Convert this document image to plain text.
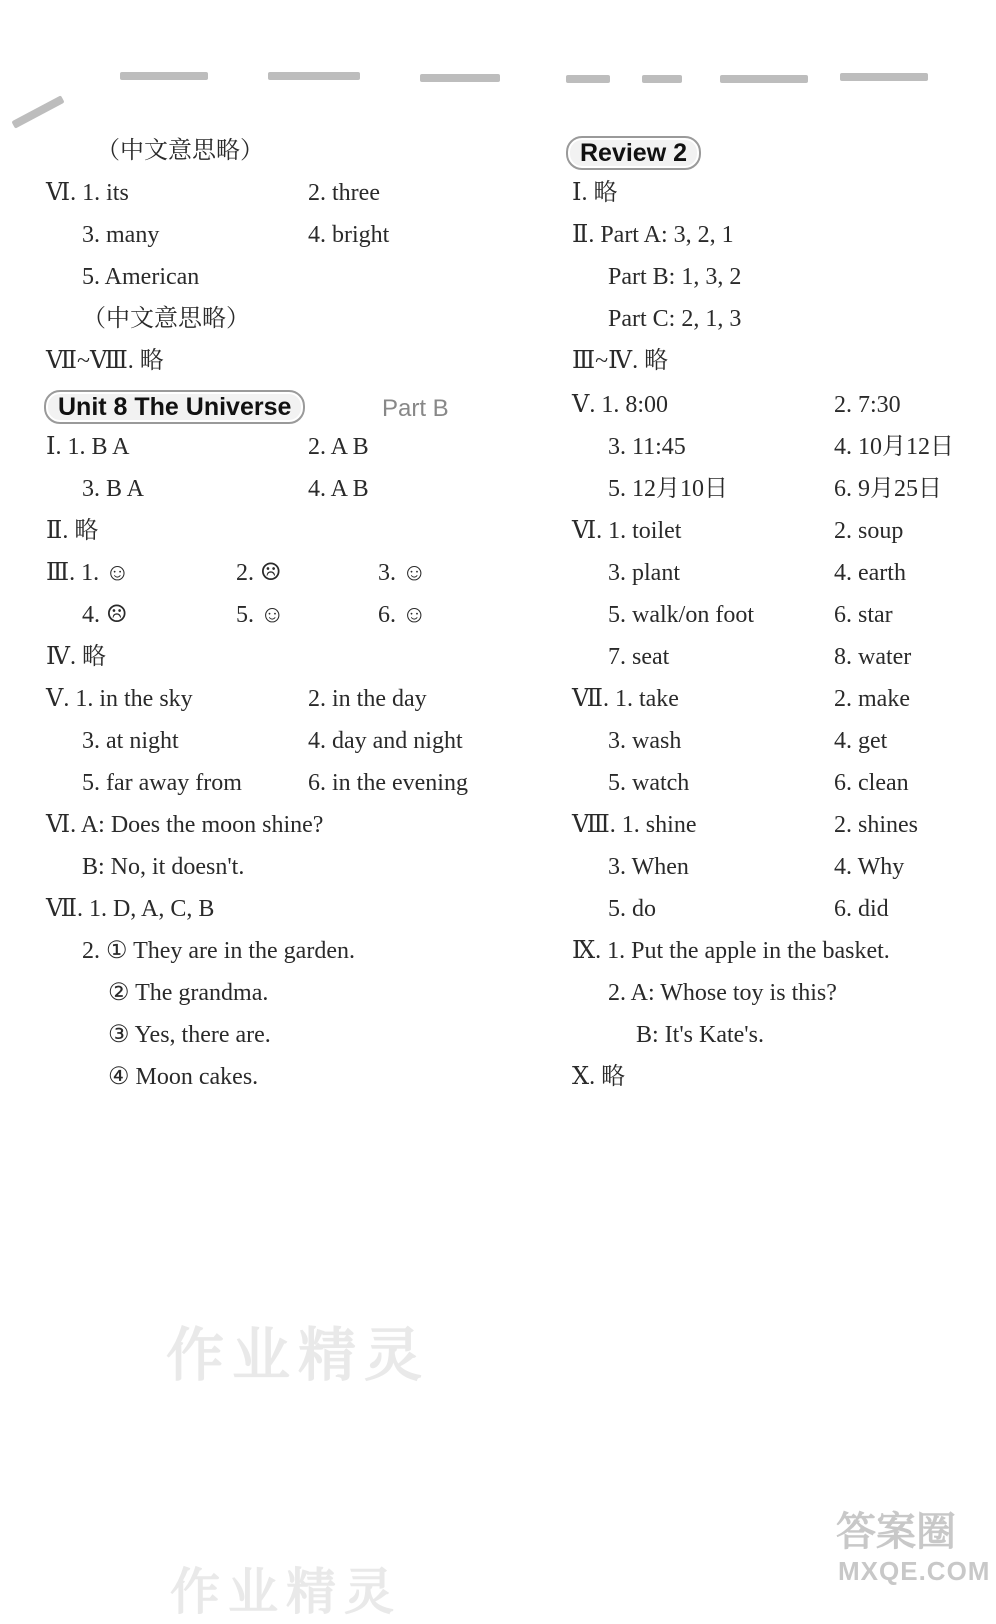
（中文意思略）
Ⅵ. 1. its	2. three
3. many	4. bright
5. American
（中文意思略）
Ⅶ~Ⅷ. 略
Unit 8 The Universe	Part B
Ⅰ. 1. B A	2. A B
3. B A	4. A B
Ⅱ. 略
Ⅲ. 1. ☺	2. ☹	3. ☺
4. ☹	5. ☺	6. ☺
Ⅳ. 略
Ⅴ. 1. in the sky	2. in the day
3. at night	4. day and night
5. far away from	6. in the evening
Ⅵ. A: Does the moon shine?
B: No, it doesn't.
Ⅶ. 1. D, A, C, B
2. ① They are in the garden.
② The grandma.
③ Yes, there are.
④ Moon cakes.
Review 2
Ⅰ. 略
Ⅱ. Part A: 3, 2, 1
Part B: 1, 3, 2
Part C: 2, 1, 3
Ⅲ~Ⅳ. 略
Ⅴ. 1. 8:00	2. 7:30
3. 11:45	4. 10月12日
5. 12月10日	6. 9月25日
Ⅵ. 1. toilet	2. soup
3. plant	4. earth
5. walk/on foot	6. star
7. seat	8. water
Ⅶ. 1. take	2. make
3. wash	4. get
5. watch	6. clean
Ⅷ. 1. shine	2. shines
3. When	4. Why
5. do	6. did
Ⅸ. 1. Put the apple in the basket.
2. A: Whose toy is this?
B: It's Kate's.
Ⅹ. 略
作业精灵
作业精灵
答案圈
MXQE.COM
